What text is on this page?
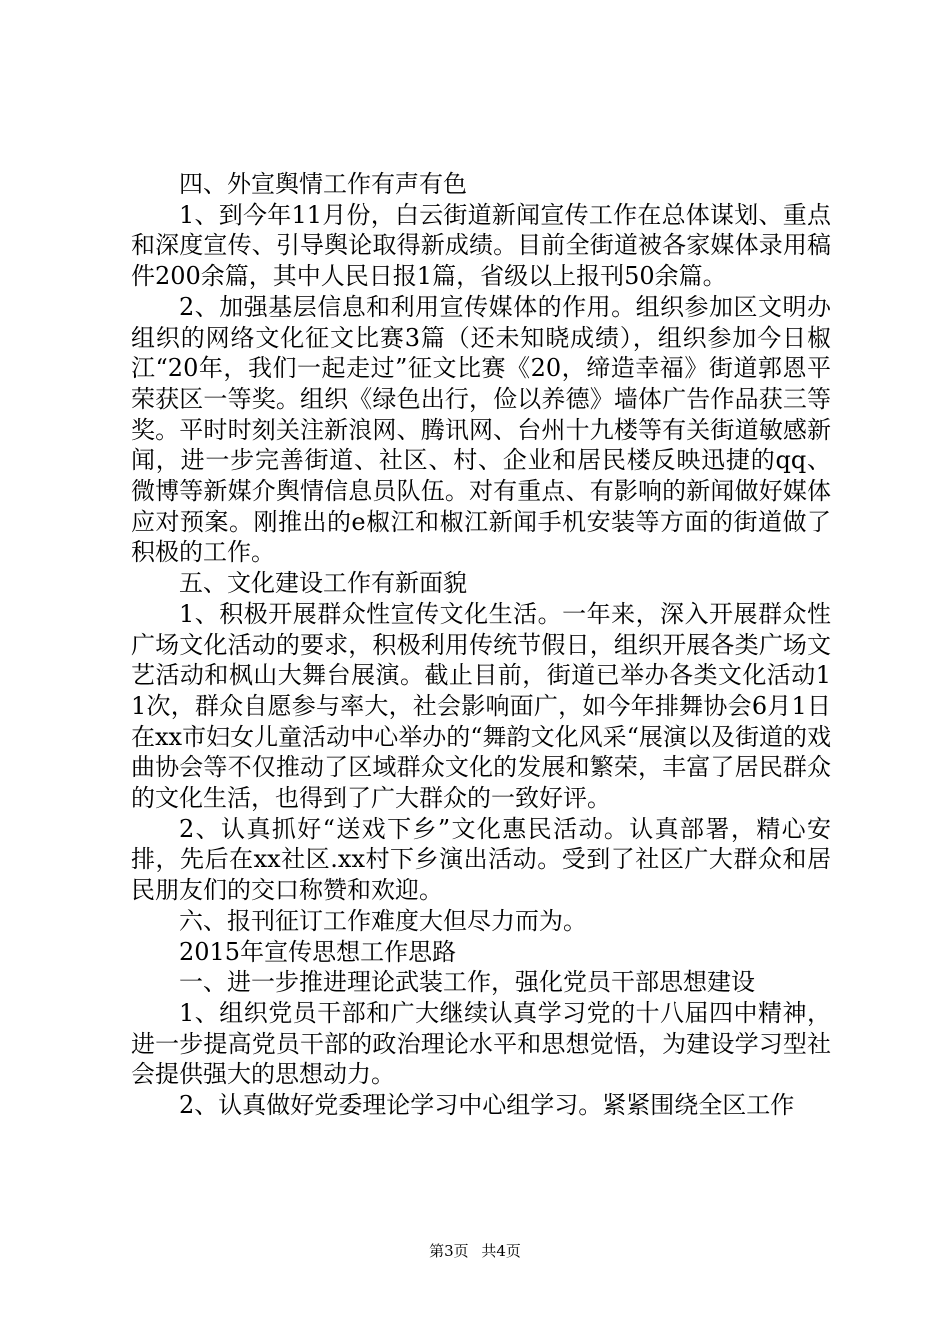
四、外宣舆情工作有声有色

1、到今年11月份，白云街道新闻宣传工作在总体谋划、重点和深度宣传、引导舆论取得新成绩。目前全街道被各家媒体录用稿件200余篇，其中人民日报1篇，省级以上报刊50余篇。

2、加强基层信息和利用宣传媒体的作用。组织参加区文明办组织的网络文化征文比赛3篇（还未知晓成绩），组织参加今日椒江“20年，我们一起走过”征文比赛《20，缔造幸福》街道郭恩平荣获区一等奖。组织《绿色出行，俭以养德》墙体广告作品获三等奖。平时时刻关注新浪网、腾讯网、台州十九楼等有关街道敏感新闻，进一步完善街道、社区、村、企业和居民楼反映迅捷的qq、微博等新媒介舆情信息员队伍。对有重点、有影响的新闻做好媒体应对预案。刚推出的e椒江和椒江新闻手机安装等方面的街道做了积极的工作。

五、文化建设工作有新面貌

1、积极开展群众性宣传文化生活。一年来，深入开展群众性广场文化活动的要求，积极利用传统节假日，组织开展各类广场文艺活动和枫山大舞台展演。截止目前，街道已举办各类文化活动11次，群众自愿参与率大，社会影响面广，如今年排舞协会6月1日在xx市妇女儿童活动中心举办的“舞韵文化风采“展演以及街道的戏曲协会等不仅推动了区域群众文化的发展和繁荣，丰富了居民群众的文化生活，也得到了广大群众的一致好评。

2、认真抓好“送戏下乡”文化惠民活动。认真部署，精心安排，先后在xx社区.xx村下乡演出活动。受到了社区广大群众和居民朋友们的交口称赞和欢迎。

六、报刊征订工作难度大但尽力而为。

2015年宣传思想工作思路

一、进一步推进理论武装工作，强化党员干部思想建设

1、组织党员干部和广大继续认真学习党的十八届四中精神，进一步提高党员干部的政治理论水平和思想觉悟，为建设学习型社会提供强大的思想动力。

2、认真做好党委理论学习中心组学习。紧紧围绕全区工作

第3页 共4页
